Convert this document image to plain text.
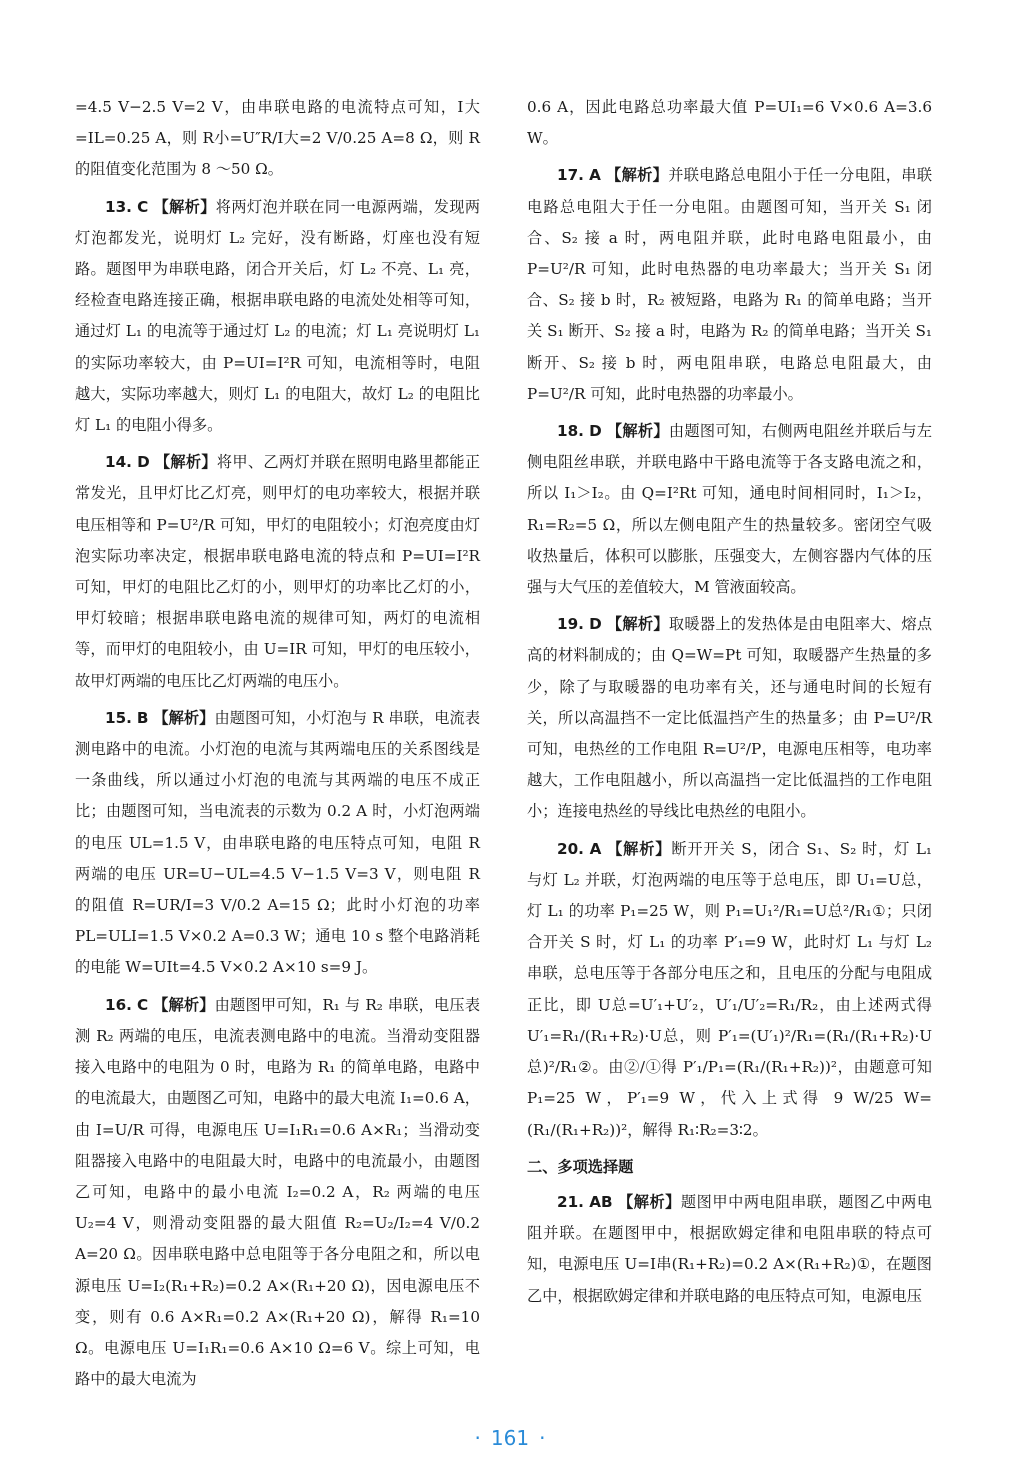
=4.5 V−2.5 V=2 V，由串联电路的电流特点可知，I大=IL=0.25 A，则 R小=U″R/I大=2 V/0.25 A=8 Ω，则 R 的阻值变化范围为 8 ～50 Ω。

13. C 【解析】将两灯泡并联在同一电源两端，发现两灯泡都发光，说明灯 L₂ 完好，没有断路，灯座也没有短路。题图甲为串联电路，闭合开关后，灯 L₂ 不亮、L₁ 亮，经检查电路连接正确，根据串联电路的电流处处相等可知，通过灯 L₁ 的电流等于通过灯 L₂ 的电流；灯 L₁ 亮说明灯 L₁ 的实际功率较大，由 P=UI=I²R 可知，电流相等时，电阻越大，实际功率越大，则灯 L₁ 的电阻大，故灯 L₂ 的电阻比灯 L₁ 的电阻小得多。

14. D 【解析】将甲、乙两灯并联在照明电路里都能正常发光，且甲灯比乙灯亮，则甲灯的电功率较大，根据并联电压相等和 P=U²/R 可知，甲灯的电阻较小；灯泡亮度由灯泡实际功率决定，根据串联电路电流的特点和 P=UI=I²R 可知，甲灯的电阻比乙灯的小，则甲灯的功率比乙灯的小，甲灯较暗；根据串联电路电流的规律可知，两灯的电流相等，而甲灯的电阻较小，由 U=IR 可知，甲灯的电压较小，故甲灯两端的电压比乙灯两端的电压小。

15. B 【解析】由题图可知，小灯泡与 R 串联，电流表测电路中的电流。小灯泡的电流与其两端电压的关系图线是一条曲线，所以通过小灯泡的电流与其两端的电压不成正比；由题图可知，当电流表的示数为 0.2 A 时，小灯泡两端的电压 UL=1.5 V，由串联电路的电压特点可知，电阻 R 两端的电压 UR=U−UL=4.5 V−1.5 V=3 V，则电阻 R 的阻值 R=UR/I=3 V/0.2 A=15 Ω；此时小灯泡的功率 PL=ULI=1.5 V×0.2 A=0.3 W；通电 10 s 整个电路消耗的电能 W=UIt=4.5 V×0.2 A×10 s=9 J。

16. C 【解析】由题图甲可知，R₁ 与 R₂ 串联，电压表测 R₂ 两端的电压，电流表测电路中的电流。当滑动变阻器接入电路中的电阻为 0 时，电路为 R₁ 的简单电路，电路中的电流最大，由题图乙可知，电路中的最大电流 I₁=0.6 A，由 I=U/R 可得，电源电压 U=I₁R₁=0.6 A×R₁；当滑动变阻器接入电路中的电阻最大时，电路中的电流最小，由题图乙可知，电路中的最小电流 I₂=0.2 A，R₂ 两端的电压 U₂=4 V，则滑动变阻器的最大阻值 R₂=U₂/I₂=4 V/0.2 A=20 Ω。因串联电路中总电阻等于各分电阻之和，所以电源电压 U=I₂(R₁+R₂)=0.2 A×(R₁+20 Ω)，因电源电压不变，则有 0.6 A×R₁=0.2 A×(R₁+20 Ω)，解得 R₁=10 Ω。电源电压 U=I₁R₁=0.6 A×10 Ω=6 V。综上可知，电路中的最大电流为

0.6 A，因此电路总功率最大值 P=UI₁=6 V×0.6 A=3.6 W。

17. A 【解析】并联电路总电阻小于任一分电阻，串联电路总电阻大于任一分电阻。由题图可知，当开关 S₁ 闭合、S₂ 接 a 时，两电阻并联，此时电路电阻最小，由 P=U²/R 可知，此时电热器的电功率最大；当开关 S₁ 闭合、S₂ 接 b 时，R₂ 被短路，电路为 R₁ 的简单电路；当开关 S₁ 断开、S₂ 接 a 时，电路为 R₂ 的简单电路；当开关 S₁ 断开、S₂ 接 b 时，两电阻串联，电路总电阻最大，由 P=U²/R 可知，此时电热器的功率最小。

18. D 【解析】由题图可知，右侧两电阻丝并联后与左侧电阻丝串联，并联电路中干路电流等于各支路电流之和，所以 I₁＞I₂。由 Q=I²Rt 可知，通电时间相同时，I₁＞I₂，R₁=R₂=5 Ω，所以左侧电阻产生的热量较多。密闭空气吸收热量后，体积可以膨胀，压强变大，左侧容器内气体的压强与大气压的差值较大，M 管液面较高。

19. D 【解析】取暖器上的发热体是由电阻率大、熔点高的材料制成的；由 Q=W=Pt 可知，取暖器产生热量的多少，除了与取暖器的电功率有关，还与通电时间的长短有关，所以高温挡不一定比低温挡产生的热量多；由 P=U²/R 可知，电热丝的工作电阻 R=U²/P，电源电压相等，电功率越大，工作电阻越小，所以高温挡一定比低温挡的工作电阻小；连接电热丝的导线比电热丝的电阻小。

20. A 【解析】断开开关 S，闭合 S₁、S₂ 时，灯 L₁ 与灯 L₂ 并联，灯泡两端的电压等于总电压，即 U₁=U总，灯 L₁ 的功率 P₁=25 W，则 P₁=U₁²/R₁=U总²/R₁①；只闭合开关 S 时，灯 L₁ 的功率 P′₁=9 W，此时灯 L₁ 与灯 L₂ 串联，总电压等于各部分电压之和，且电压的分配与电阻成正比，即 U总=U′₁+U′₂，U′₁/U′₂=R₁/R₂，由上述两式得 U′₁=R₁/(R₁+R₂)·U总，则 P′₁=(U′₁)²/R₁=(R₁/(R₁+R₂)·U总)²/R₁②。由②/①得 P′₁/P₁=(R₁/(R₁+R₂))²，由题意可知 P₁=25 W，P′₁=9 W，代入上式得 9 W/25 W=(R₁/(R₁+R₂))²，解得 R₁∶R₂=3∶2。

二、多项选择题

21. AB 【解析】题图甲中两电阻串联，题图乙中两电阻并联。在题图甲中，根据欧姆定律和电阻串联的特点可知，电源电压 U=I串(R₁+R₂)=0.2 A×(R₁+R₂)①，在题图乙中，根据欧姆定律和并联电路的电压特点可知，电源电压

· 161 ·
